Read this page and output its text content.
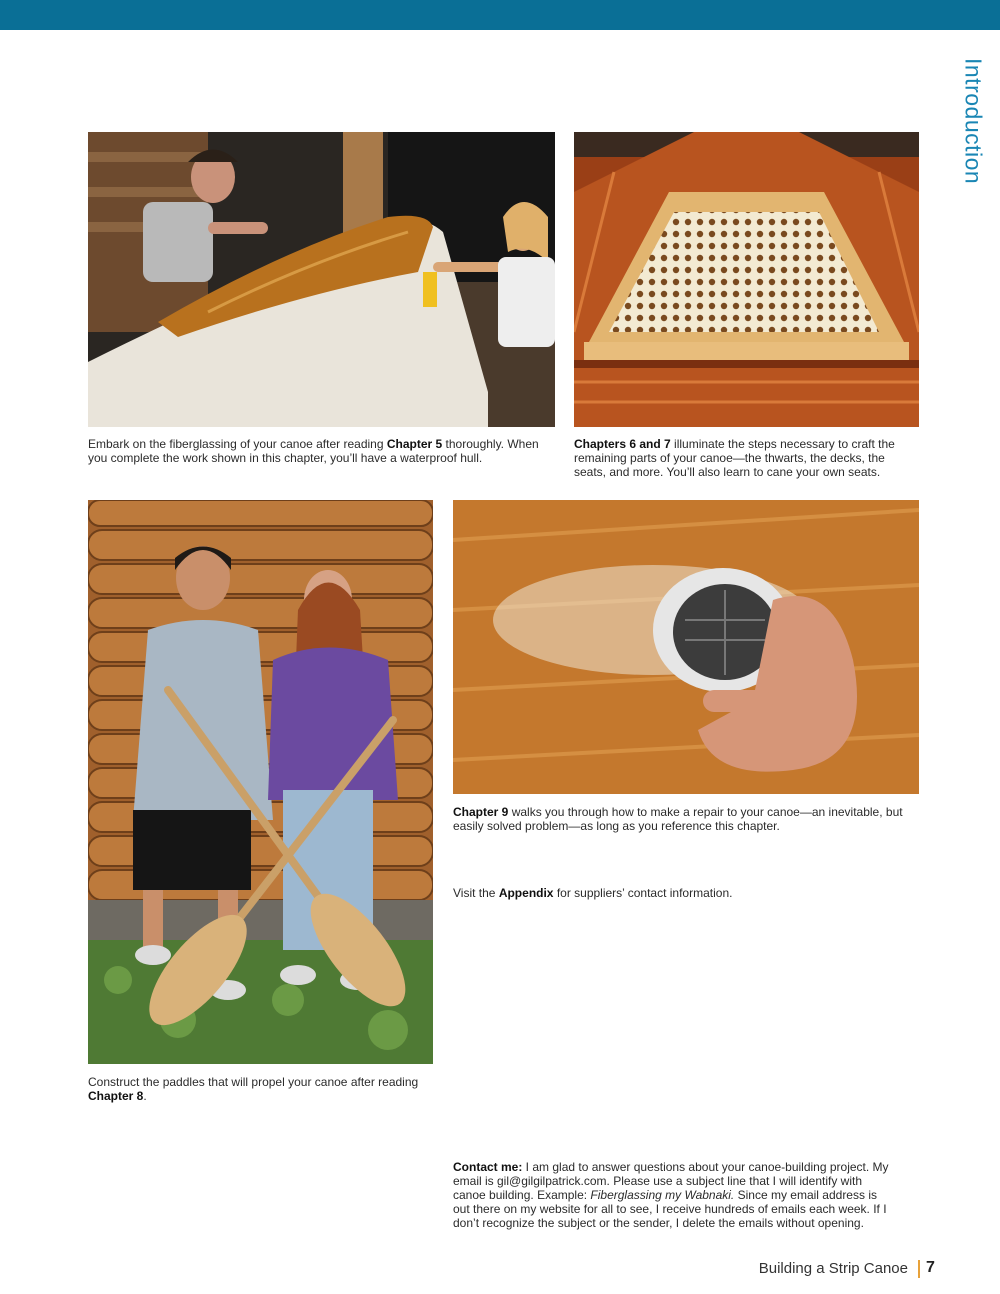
Introduction
Embark on the fiberglassing of your canoe after reading Chapter 5 thoroughly. When you complete the work shown in this chapter, you’ll have a waterproof hull.
Chapters 6 and 7 illuminate the steps necessary to craft the remaining parts of your canoe—the thwarts, the decks, the seats, and more. You’ll also learn to cane your own seats.
Construct the paddles that will propel your canoe after reading Chapter 8.
Chapter 9 walks you through how to make a repair to your canoe—an inevitable, but easily solved problem—as long as you reference this chapter.
Visit the Appendix for suppliers’ contact information.
Contact me: I am glad to answer questions about your canoe-building project. My email is gil@gilgilpatrick.com. Please use a subject line that I will identify with canoe building. Example: Fiberglassing my Wabnaki. Since my email address is out there on my website for all to see, I receive hundreds of emails each week. If I don’t recognize the subject or the sender, I delete the emails without opening.
Building a Strip Canoe 7
